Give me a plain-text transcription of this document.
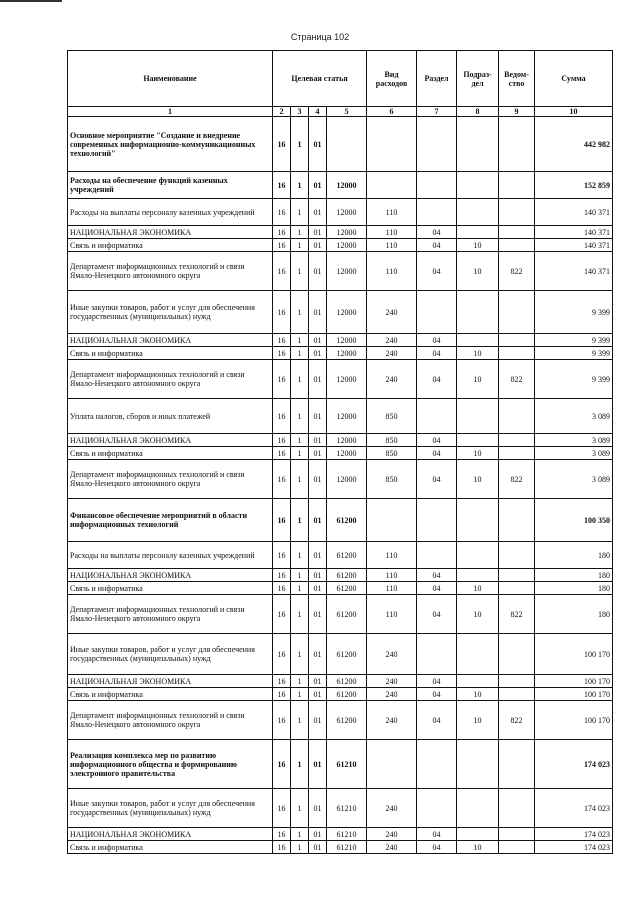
Страница 102
Наименование	Целевая статья				Вид расходов	Раздел	Подраз-дел	Ведом-ство	Сумма
1	2	3	4	5	6	7	8	9	10
Основное мероприятие "Создание и внедрение современных информационно-коммуникационных технологий"	16	1	01						442 982
Расходы на обеспечение функций казенных учреждений	16	1	01	12000					152 859
Расходы на выплаты персоналу казенных учреждений	16	1	01	12000	110				140 371
НАЦИОНАЛЬНАЯ ЭКОНОМИКА	16	1	01	12000	110	04			140 371
Связь и информатика	16	1	01	12000	110	04	10		140 371
Департамент информационных технологий и связи Ямало-Ненецкого автономного округа	16	1	01	12000	110	04	10	822	140 371
Иные закупки товаров, работ и услуг для обеспечения государственных (муниципальных) нужд	16	1	01	12000	240				9 399
НАЦИОНАЛЬНАЯ ЭКОНОМИКА	16	1	01	12000	240	04			9 399
Связь и информатика	16	1	01	12000	240	04	10		9 399
Департамент информационных технологий и связи Ямало-Ненецкого автономного округа	16	1	01	12000	240	04	10	822	9 399
Уплата налогов, сборов и иных платежей	16	1	01	12000	850				3 089
НАЦИОНАЛЬНАЯ ЭКОНОМИКА	16	1	01	12000	850	04			3 089
Связь и информатика	16	1	01	12000	850	04	10		3 089
Департамент информационных технологий и связи Ямало-Ненецкого автономного округа	16	1	01	12000	850	04	10	822	3 089
Финансовое обеспечение мероприятий в области информационных технологий	16	1	01	61200					100 350
Расходы на выплаты персоналу казенных учреждений	16	1	01	61200	110				180
НАЦИОНАЛЬНАЯ ЭКОНОМИКА	16	1	01	61200	110	04			180
Связь и информатика	16	1	01	61200	110	04	10		180
Департамент информационных технологий и связи Ямало-Ненецкого автономного округа	16	1	01	61200	110	04	10	822	180
Иные закупки товаров, работ и услуг для обеспечения государственных (муниципальных) нужд	16	1	01	61200	240				100 170
НАЦИОНАЛЬНАЯ ЭКОНОМИКА	16	1	01	61200	240	04			100 170
Связь и информатика	16	1	01	61200	240	04	10		100 170
Департамент информационных технологий и связи Ямало-Ненецкого автономного округа	16	1	01	61200	240	04	10	822	100 170
Реализация комплекса мер по развитию информационного общества и формированию электронного правительства	16	1	01	61210					174 023
Иные закупки товаров, работ и услуг для обеспечения государственных (муниципальных) нужд	16	1	01	61210	240				174 023
НАЦИОНАЛЬНАЯ ЭКОНОМИКА	16	1	01	61210	240	04			174 023
Связь и информатика	16	1	01	61210	240	04	10		174 023
